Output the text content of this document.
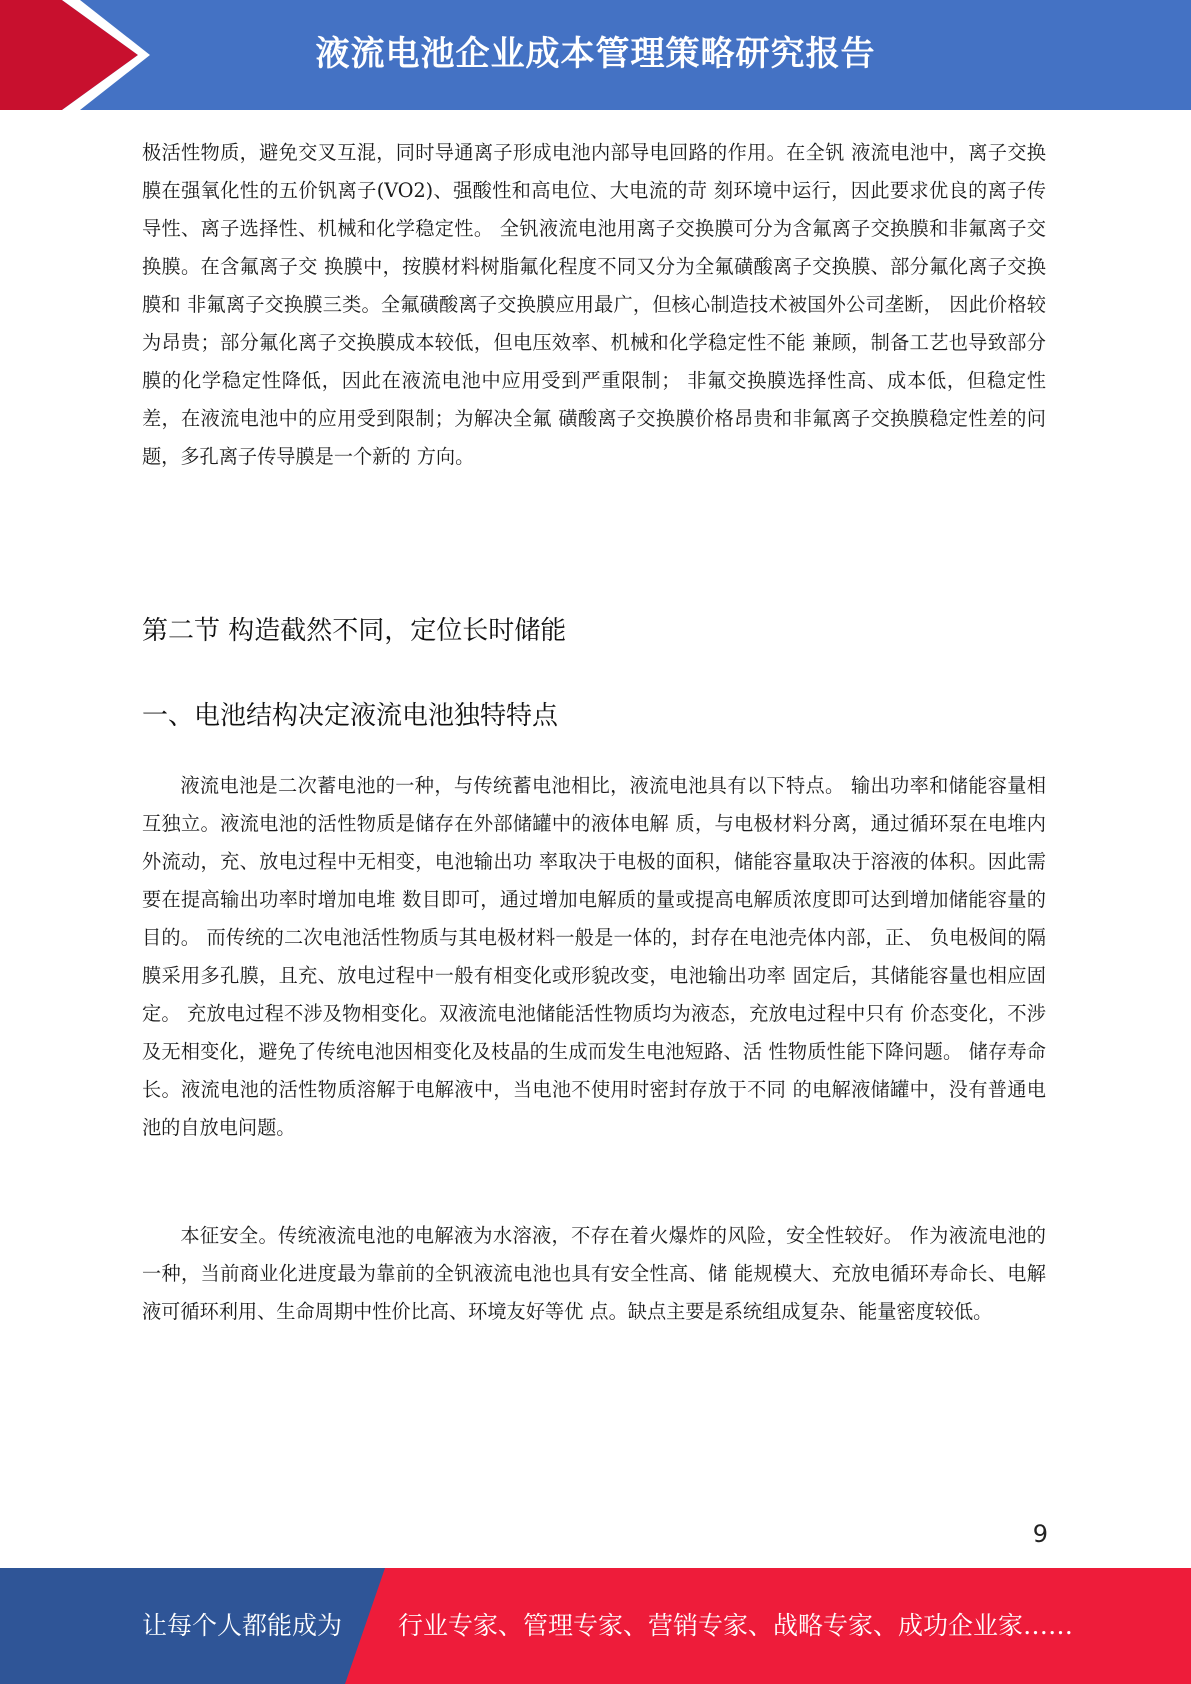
液流电池企业成本管理策略研究报告

极活性物质，避免交叉互混，同时导通离子形成电池内部导电回路的作用。在全钒 液流电池中，离子交换膜在强氧化性的五价钒离子(VO2)、强酸性和高电位、大电流的苛 刻环境中运行，因此要求优良的离子传导性、离子选择性、机械和化学稳定性。 全钒液流电池用离子交换膜可分为含氟离子交换膜和非氟离子交换膜。在含氟离子交 换膜中，按膜材料树脂氟化程度不同又分为全氟磺酸离子交换膜、部分氟化离子交换膜和 非氟离子交换膜三类。全氟磺酸离子交换膜应用最广，但核心制造技术被国外公司垄断， 因此价格较为昂贵；部分氟化离子交换膜成本较低，但电压效率、机械和化学稳定性不能 兼顾，制备工艺也导致部分膜的化学稳定性降低，因此在液流电池中应用受到严重限制； 非氟交换膜选择性高、成本低，但稳定性差，在液流电池中的应用受到限制；为解决全氟 磺酸离子交换膜价格昂贵和非氟离子交换膜稳定性差的问题，多孔离子传导膜是一个新的 方向。

第二节 构造截然不同，定位长时储能
一、电池结构决定液流电池独特特点

液流电池是二次蓄电池的一种，与传统蓄电池相比，液流电池具有以下特点。 输出功率和储能容量相互独立。液流电池的活性物质是储存在外部储罐中的液体电解 质，与电极材料分离，通过循环泵在电堆内外流动，充、放电过程中无相变，电池输出功 率取决于电极的面积，储能容量取决于溶液的体积。因此需要在提高输出功率时增加电堆 数目即可，通过增加电解质的量或提高电解质浓度即可达到增加储能容量的目的。 而传统的二次电池活性物质与其电极材料一般是一体的，封存在电池壳体内部，正、 负电极间的隔膜采用多孔膜，且充、放电过程中一般有相变化或形貌改变，电池输出功率 固定后，其储能容量也相应固定。 充放电过程不涉及物相变化。双液流电池储能活性物质均为液态，充放电过程中只有 价态变化，不涉及无相变化，避免了传统电池因相变化及枝晶的生成而发生电池短路、活 性物质性能下降问题。 储存寿命长。液流电池的活性物质溶解于电解液中，当电池不使用时密封存放于不同 的电解液储罐中，没有普通电池的自放电问题。

本征安全。传统液流电池的电解液为水溶液，不存在着火爆炸的风险，安全性较好。 作为液流电池的一种，当前商业化进度最为靠前的全钒液流电池也具有安全性高、储 能规模大、充放电循环寿命长、电解液可循环利用、生命周期中性价比高、环境友好等优 点。缺点主要是系统组成复杂、能量密度较低。

9
让每个人都能成为 行业专家、管理专家、营销专家、战略专家、成功企业家……
